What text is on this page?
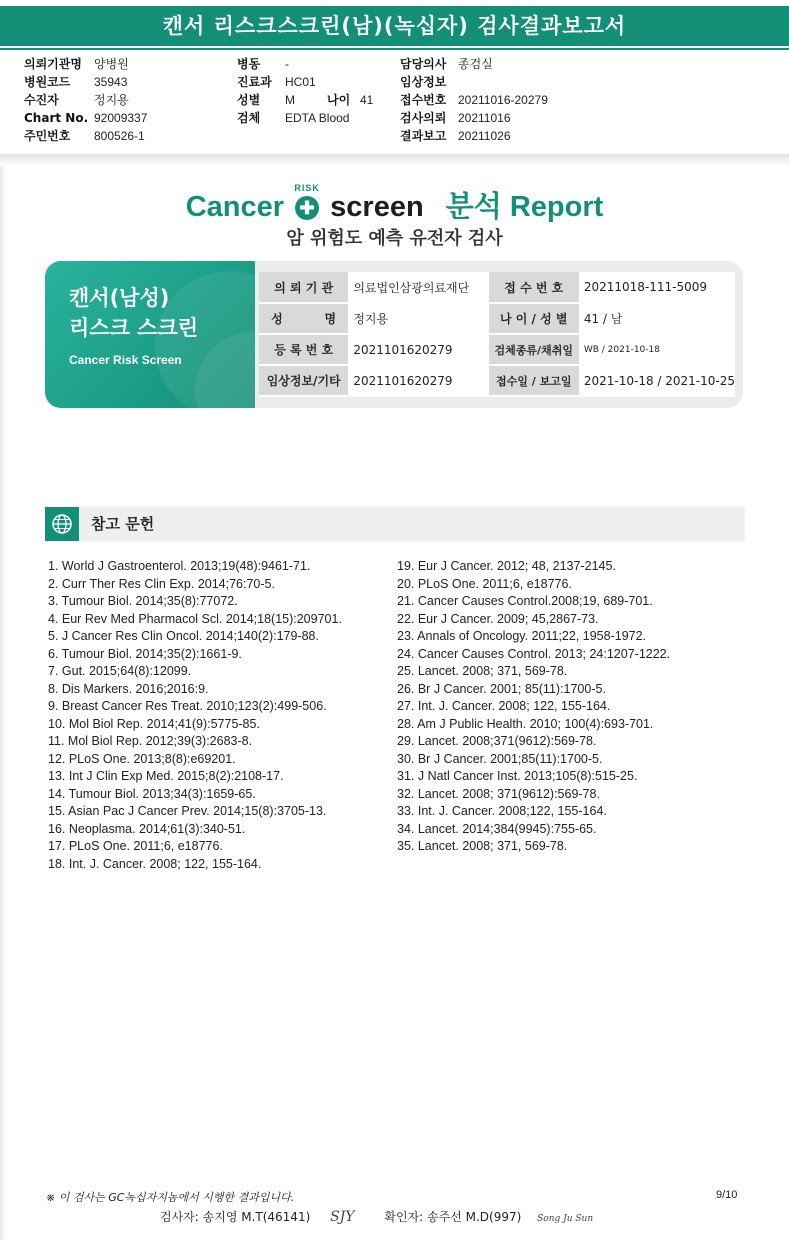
캔서 리스크스크린(남)(녹십자) 검사결과보고서
의뢰기관명 양병원
병원코드 35943
수진자	정지용
Chart No. 92009337
주민번호 800526-1
병동 -
진료과 HC01
성별 M	나이 41
검체 EDTA Blood
담당의사 종검실
임상정보
접수번호 20211016-20279
검사의뢰 20211016
결과보고 20211026
Cancer
RISK
✚ screen 분석 Report
암 위험도 예측 유전자 검사
캔서(남성)
리스크 스크린
Cancer Risk Screen
의 뢰 기 관	의료법인삼광의료재단	접 수 번 호	20211018-111-5009
성          명	정지용	나 이 / 성 별	41 / 남
등 록 번 호	2021101620279	검체종류/채취일	WB / 2021-10-18
임상정보/기타	2021101620279	접수일 / 보고일	2021-10-18 / 2021-10-25
참고 문헌
1. World J Gastroenterol. 2013;19(48):9461-71.
2. Curr Ther Res Clin Exp. 2014;76:70-5.
3. Tumour Biol. 2014;35(8):77072.
4. Eur Rev Med Pharmacol Scl. 2014;18(15):209701.
5. J Cancer Res Clin Oncol. 2014;140(2):179-88.
6. Tumour Biol. 2014;35(2):1661-9.
7. Gut. 2015;64(8):12099.
8. Dis Markers. 2016;2016:9.
9. Breast Cancer Res Treat. 2010;123(2):499-506.
10. Mol Biol Rep. 2014;41(9):5775-85.
11. Mol Biol Rep. 2012;39(3):2683-8.
12. PLoS One. 2013;8(8):e69201.
13. Int J Clin Exp Med. 2015;8(2):2108-17.
14. Tumour Biol. 2013;34(3):1659-65.
15. Asian Pac J Cancer Prev. 2014;15(8):3705-13.
16. Neoplasma. 2014;61(3):340-51.
17. PLoS One. 2011;6, e18776.
18. Int. J. Cancer. 2008; 122, 155-164.
19. Eur J Cancer. 2012; 48, 2137-2145.
20. PLoS One. 2011;6, e18776.
21. Cancer Causes Control.2008;19, 689-701.
22. Eur J Cancer. 2009; 45,2867-73.
23. Annals of Oncology. 2011;22, 1958-1972.
24. Cancer Causes Control. 2013; 24:1207-1222.
25. Lancet. 2008; 371, 569-78.
26. Br J Cancer. 2001; 85(11):1700-5.
27. Int. J. Cancer. 2008; 122, 155-164.
28. Am J Public Health. 2010; 100(4):693-701.
29. Lancet. 2008;371(9612):569-78.
30. Br J Cancer. 2001;85(11):1700-5.
31. J Natl Cancer Inst. 2013;105(8):515-25.
32. Lancet. 2008; 371(9612):569-78.
33. Int. J. Cancer. 2008;122, 155-164.
34. Lancet. 2014;384(9945):755-65.
35. Lancet. 2008; 371, 569-78.
※ 이 검사는 GC녹십자지놈에서 시행한 결과입니다.	9/10
검사자: 송지영 M.T(46141) SJY 확인자: 송주선 M.D(997) Song Ju Sun
